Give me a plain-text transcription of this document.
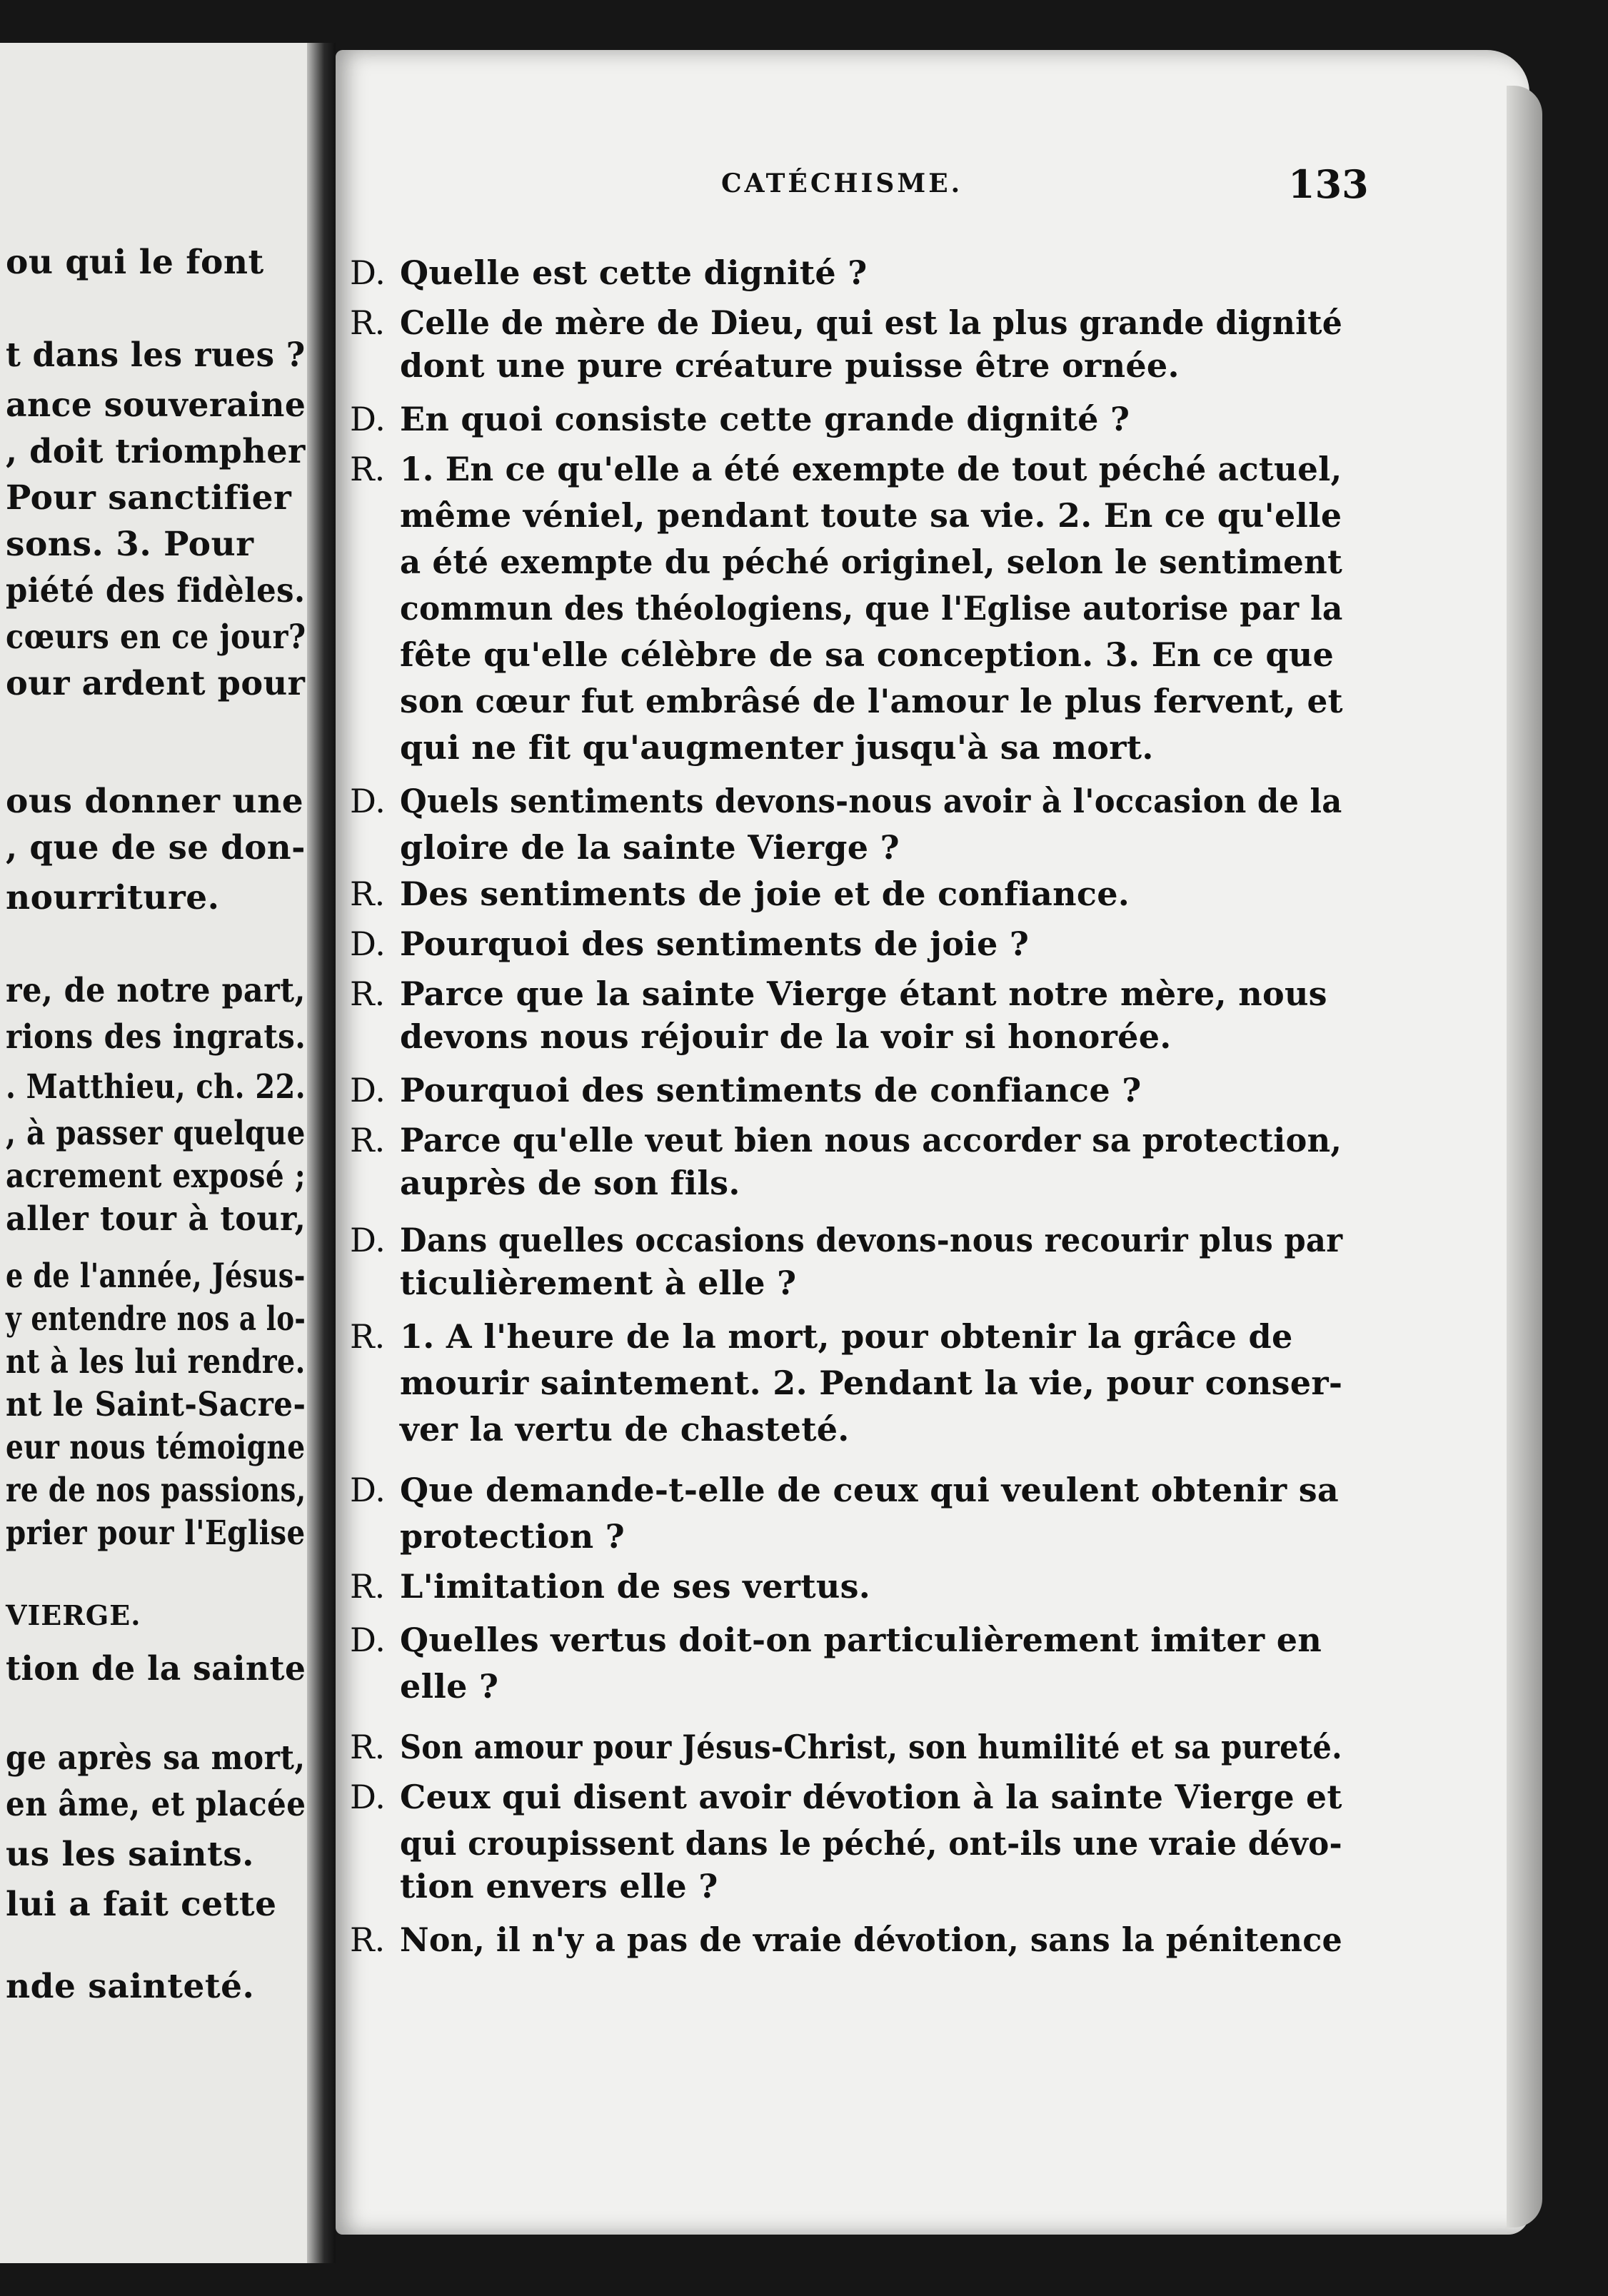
ou qui le font
t dans les rues ?
ance souveraine
, doit triompher
Pour sanctifier
sons. 3. Pour
piété des fidèles.
cœurs en ce jour?
our ardent pour
ous donner une
, que de se don-
nourriture.
re, de notre part,
rions des ingrats.
. Matthieu, ch. 22.
, à passer quelque
acrement exposé ;
aller tour à tour,
e de l'année, Jésus-
y entendre nos a lo-
nt à les lui rendre.
nt le Saint-Sacre-
eur nous témoigne
re de nos passions,
prier pour l'Eglise
VIERGE.
tion de la sainte
ge après sa mort,
en âme, et placée
us les saints.
lui a fait cette
nde sainteté.
CATÉCHISME.	133
D. Quelle est cette dignité ?
R. Celle de mère de Dieu, qui est la plus grande dignité
dont une pure créature puisse être ornée.
D. En quoi consiste cette grande dignité ?
R. 1. En ce qu'elle a été exempte de tout péché actuel,
même véniel, pendant toute sa vie. 2. En ce qu'elle
a été exempte du péché originel, selon le sentiment
commun des théologiens, que l'Eglise autorise par la
fête qu'elle célèbre de sa conception. 3. En ce que
son cœur fut embrâsé de l'amour le plus fervent, et
qui ne fit qu'augmenter jusqu'à sa mort.
D. Quels sentiments devons-nous avoir à l'occasion de la
gloire de la sainte Vierge ?
R. Des sentiments de joie et de confiance.
D. Pourquoi des sentiments de joie ?
R. Parce que la sainte Vierge étant notre mère, nous
devons nous réjouir de la voir si honorée.
D. Pourquoi des sentiments de confiance ?
R. Parce qu'elle veut bien nous accorder sa protection,
auprès de son fils.
D. Dans quelles occasions devons-nous recourir plus par
ticulièrement à elle ?
R. 1. A l'heure de la mort, pour obtenir la grâce de
mourir saintement. 2. Pendant la vie, pour conser-
ver la vertu de chasteté.
D. Que demande-t-elle de ceux qui veulent obtenir sa
protection ?
R. L'imitation de ses vertus.
D. Quelles vertus doit-on particulièrement imiter en
elle ?
R. Son amour pour Jésus-Christ, son humilité et sa pureté.
D. Ceux qui disent avoir dévotion à la sainte Vierge et
qui croupissent dans le péché, ont-ils une vraie dévo-
tion envers elle ?
R. Non, il n'y a pas de vraie dévotion, sans la pénitence
